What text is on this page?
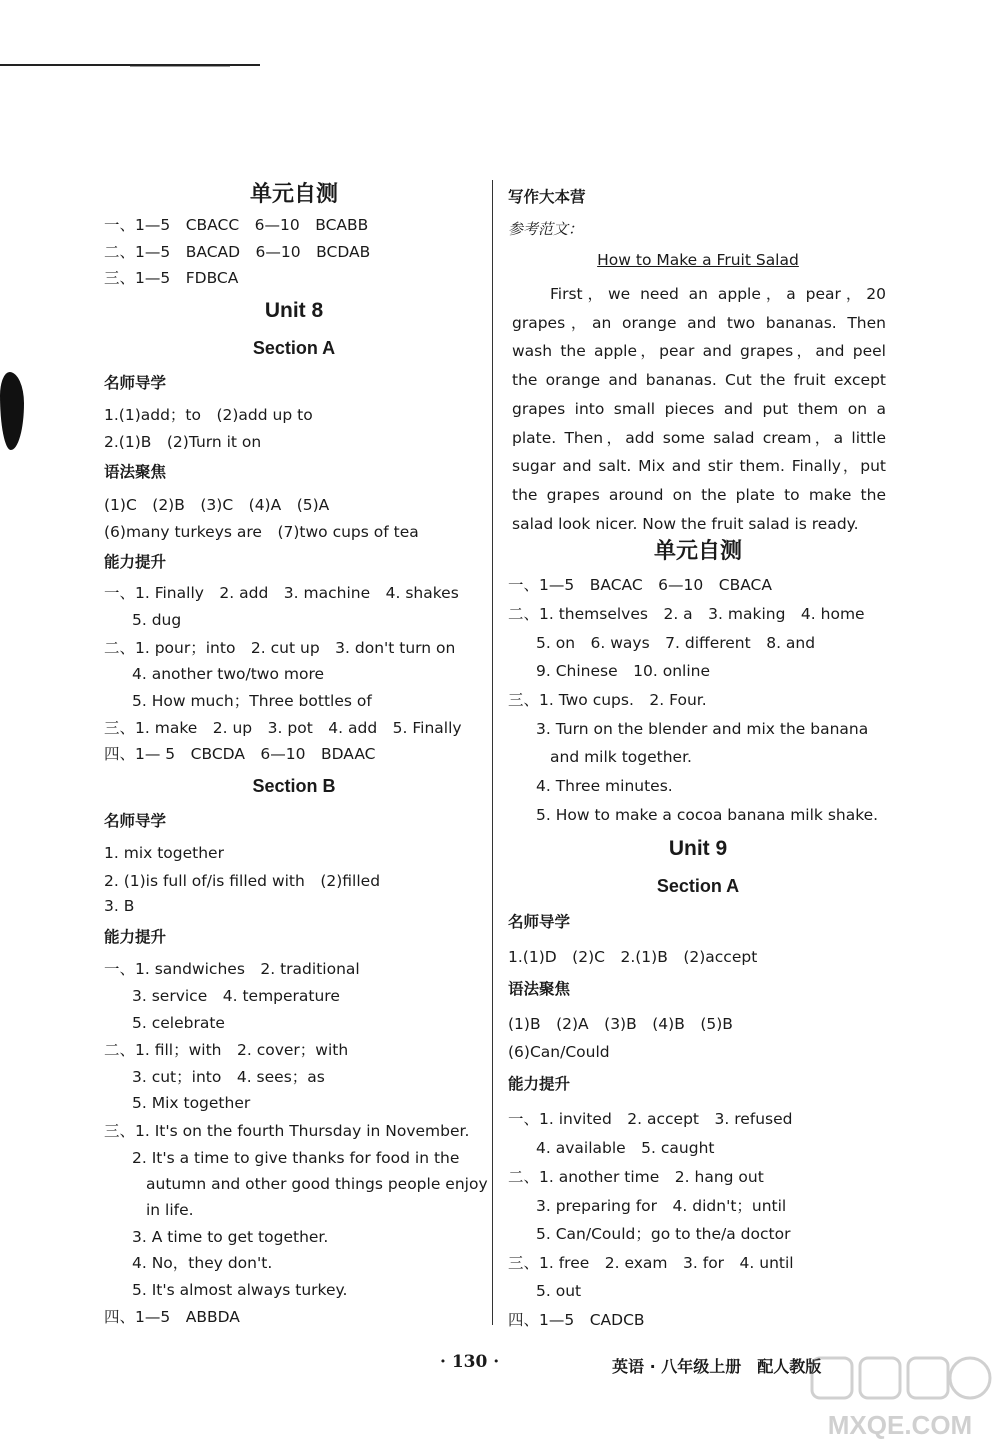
单元自测
一、1—5　CBACC　6—10　BCABB
二、1—5　BACAD　6—10　BCDAB
三、1—5　FDBCA
Unit 8
Section A
名师导学
1.(1)add；to　(2)add up to
2.(1)B　(2)Turn it on
语法聚焦
(1)C　(2)B　(3)C　(4)A　(5)A
(6)many turkeys are　(7)two cups of tea
能力提升
一、1. Finally　2. add　3. machine　4. shakes
5. dug
二、1. pour；into　2. cut up　3. don't turn on
4. another two/two more
5. How much；Three bottles of
三、1. make　2. up　3. pot　4. add　5. Finally
四、1— 5　CBCDA　6—10　BDAAC
Section B
名师导学
1. mix together
2. (1)is full of/is filled with　(2)filled
3. B
能力提升
一、1. sandwiches　2. traditional
3. service　4. temperature
5. celebrate
二、1. fill；with　2. cover；with
3. cut；into　4. sees；as
5. Mix together
三、1. It's on the fourth Thursday in November.
2. It's a time to give thanks for food in the
autumn and other good things people enjoy
in life.
3. A time to get together.
4. No，they don't.
5. It's almost always turkey.
四、1—5　ABBDA
写作大本营
参考范文：
How to Make a Fruit Salad

First，we need an apple，a pear，20 grapes，an orange and two bananas. Then wash the apple，pear and grapes，and peel the orange and bananas. Cut the fruit except grapes into small pieces and put them on a plate. Then，add some salad cream，a little sugar and salt. Mix and stir them. Finally，put the grapes around on the plate to make the salad look nicer. Now the fruit salad is ready.

单元自测
一、1—5　BACAC　6—10　CBACA
二、1. themselves　2. a　3. making　4. home
5. on　6. ways　7. different　8. and
9. Chinese　10. online
三、1. Two cups.　2. Four.
3. Turn on the blender and mix the banana
and milk together.
4. Three minutes.
5. How to make a cocoa banana milk shake.
Unit 9
Section A
名师导学
1.(1)D　(2)C　2.(1)B　(2)accept
语法聚焦
(1)B　(2)A　(3)B　(4)B　(5)B
(6)Can/Could
能力提升
一、1. invited　2. accept　3. refused
4. available　5. caught
二、1. another time　2. hang out
3. preparing for　4. didn't；until
5. Can/Could；go to the/a doctor
三、1. free　2. exam　3. for　4. until
5. out
四、1—5　CADCB
· 130 ·	英语 · 八年级上册　配人教版
MXQE.COM
